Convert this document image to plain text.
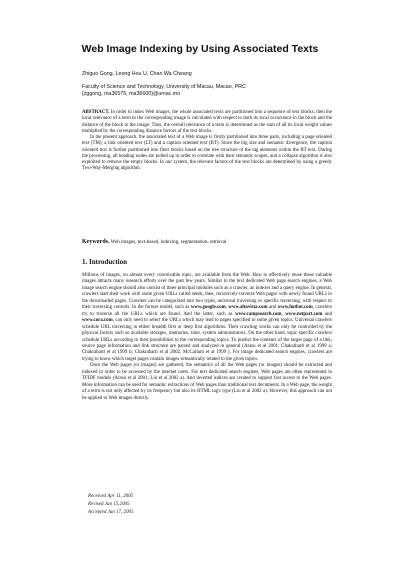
Web Image Indexing by Using Associated Texts
Zhiguo Gong, Leong Hou U, Chan Wa Cheang
Faculty of Science and Technology, University of Macau, Macao, PRC
{zggong, ma36575, ma36600}@umac.mo

ABSTRACT. In order to index Web images, the whole associated texts are partitioned into a sequence of text blocks, then the local relevance of a term to the corresponding image is calculated with respect to both its local occurrence in the block and the distance of the block to the image. Thus, the overall relevance of a term is determined as the sum of all its local weight values multiplied by the corresponding distance factors of the text blocks.

In the present approach, the associated text of a Web image is firstly partitioned into three parts, including a page oriented text (TM), a link oriented text (LT) and a caption oriented text (BT). Since the big size and semantic divergence, the caption oriented text is further partitioned into finer blocks based on the tree structure of the tag elements within the BT text. During the processing, all heading nodes are pulled up in order to correlate with their semantic scopes, and a collapse algorithm is also exploited to remove the empty blocks. In our system, the relevant factors of the text blocks are determined by using a greedy Two-Way-Merging algorithm.

Keywords. Web images, text-based, indexing, segmentation, retrieval
1. Introduction

Millions of images, on almost every conceivable topic, are available from the Web. How to effectively reuse these valuable images attracts many research efforts over the past few years. Similar to the text dedicated Web page search engines, a Web image search engine should also consist of three principal modules such as a crawler, an indexer and a query engine. In general, crawlers start their work with some given URLs called seeds, then, recursively traverse Web pages with newly found URLs in the downloaded pages. Crawlers can be categorized into two types, universal traversing or specific traversing, with respect to their traversing controls. In the former model, such as www.google.com, www.altavista.com and www.hotbot.com, crawlers try to traverse all the URLs which are found. And the latter, such as www.campsearch.com, www.netpart.com and www.cora.com, can only need to select the URLs which may lead to pages specified to some given topics. Universal crawlers schedule URL traversing in either breadth first or deep first algorithms. Their crawling works can only be controlled by the physical factors such as available storages, memories, time, system administrators. On the other hand, topic specific crawlers schedule URLs according to their possibilities to the corresponding topics. To predict the contents of the target page of a link, source page information and link structure are parsed and analyzed in general (Arasu et al 2001; Chakrabarti et al 1999 a; Chakrabarti et al 1999 b; Chakrabarti et al 2002, McCallum et al 1999 ). For image dedicated search engines, crawlers are trying to know which target pages contain images semantically related to the given topics.

Once the Web pages (or images) are gathered, the semantics of all the Web pages (or images) should be extracted and indexed in order to be accessed by the internet users. For text dedicated search engines, Web pages are often represented in TFIDF models (Arasu et al 2001; Liu et al 2002 a). And inverted indices are created to support fast access to the Web pages. More information can be used for semantic extractions of Web pages than traditional text documents. In a Web page, the weight of a term is not only affected by its frequency but also its HTML tag's type (Liu et al 2002 a). However, this approach can not be applied to Web images directly.

Received Apr 11, 2005
Revised Jun 15,2005
Accepted Jun 17, 2005
